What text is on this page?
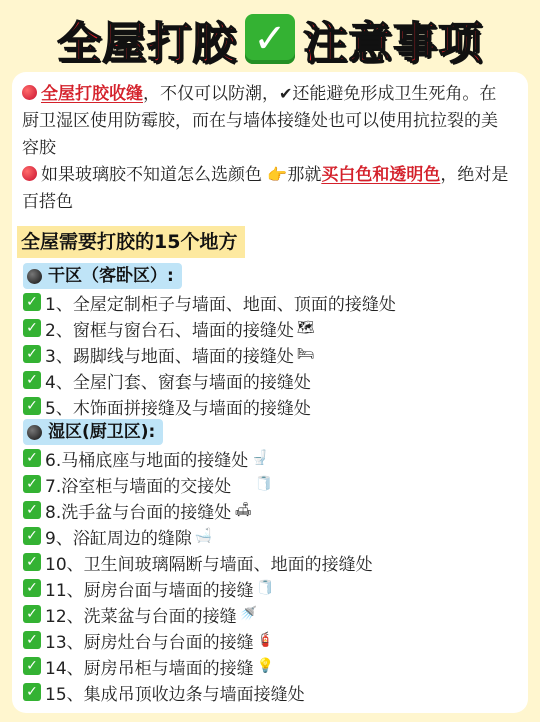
全屋打胶 ✓ 注意事项
全屋打胶收缝，不仅可以防潮，✔还能避免形成卫生死角。在厨卫湿区使用防霉胶，而在与墙体接缝处也可以使用抗拉裂的美容胶
如果玻璃胶不知道怎么选颜色 👉那就买白色和透明色，绝对是百搭色
全屋需要打胶的15个地方
干区（客卧区）:
✓ 1、全屋定制柜子与墙面、地面、顶面的接缝处
✓ 2、窗框与窗台石、墙面的接缝处 🗺
✓ 3、踢脚线与地面、墙面的接缝处 🛏
✓ 4、全屋门套、窗套与墙面的接缝处
✓ 5、木饰面拼接缝及与墙面的接缝处
湿区(厨卫区):
✓ 6.马桶底座与地面的接缝处 🚽
✓ 7.浴室柜与墙面的交接处 🧻
✓ 8.洗手盆与台面的接缝处 🛋
✓ 9、浴缸周边的缝隙 🛁
✓ 10、卫生间玻璃隔断与墙面、地面的接缝处
✓ 11、厨房台面与墙面的接缝 🧻
✓ 12、洗菜盆与台面的接缝 🚿
✓ 13、厨房灶台与台面的接缝 🧯
✓ 14、厨房吊柜与墙面的接缝 💡
✓ 15、集成吊顶收边条与墙面接缝处
